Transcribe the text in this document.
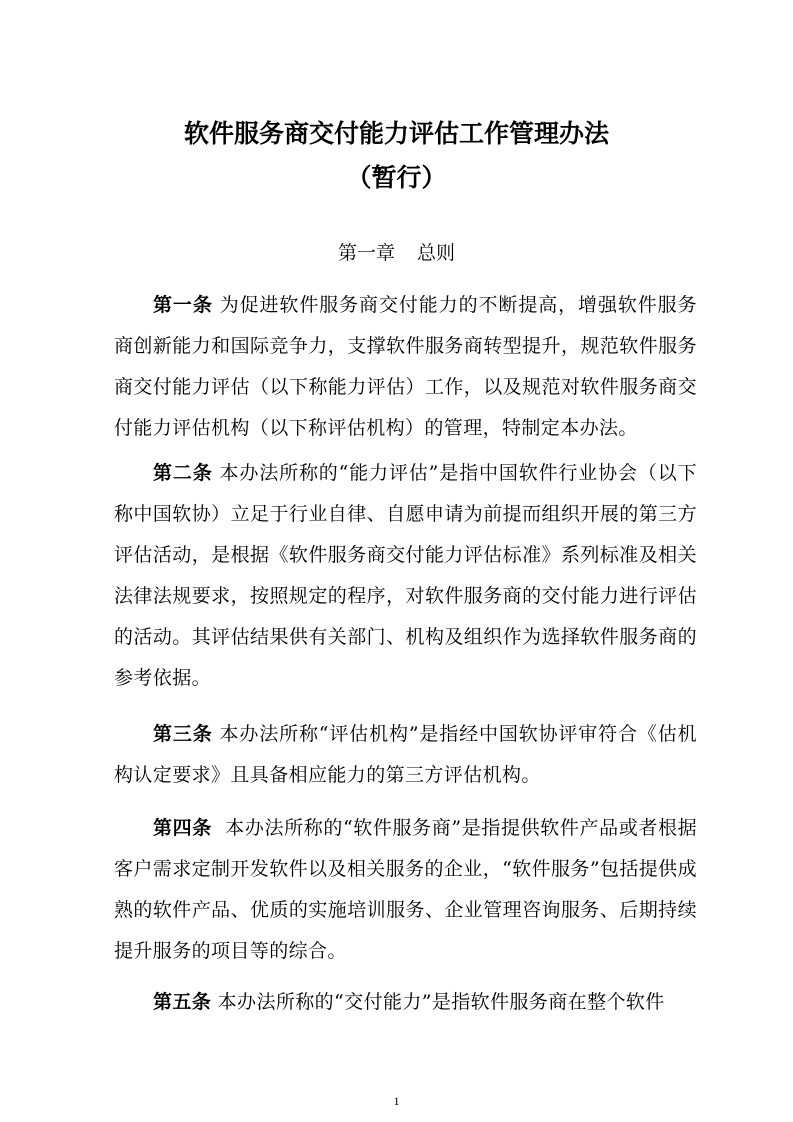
软件服务商交付能力评估工作管理办法
（暂行）
第一章 总则

第一条 为促进软件服务商交付能力的不断提高，增强软件服务商创新能力和国际竞争力，支撑软件服务商转型提升，规范软件服务商交付能力评估（以下称能力评估）工作，以及规范对软件服务商交付能力评估机构（以下称评估机构）的管理，特制定本办法。

第二条 本办法所称的“能力评估”是指中国软件行业协会（以下称中国软协）立足于行业自律、自愿申请为前提而组织开展的第三方评估活动，是根据《软件服务商交付能力评估标准》系列标准及相关法律法规要求，按照规定的程序，对软件服务商的交付能力进行评估的活动。其评估结果供有关部门、机构及组织作为选择软件服务商的参考依据。

第三条 本办法所称“评估机构”是指经中国软协评审符合《估机构认定要求》且具备相应能力的第三方评估机构。

第四条 本办法所称的“软件服务商”是指提供软件产品或者根据客户需求定制开发软件以及相关服务的企业，“软件服务”包括提供成熟的软件产品、优质的实施培训服务、企业管理咨询服务、后期持续提升服务的项目等的综合。

第五条 本办法所称的“交付能力”是指软件服务商在整个软件

1
